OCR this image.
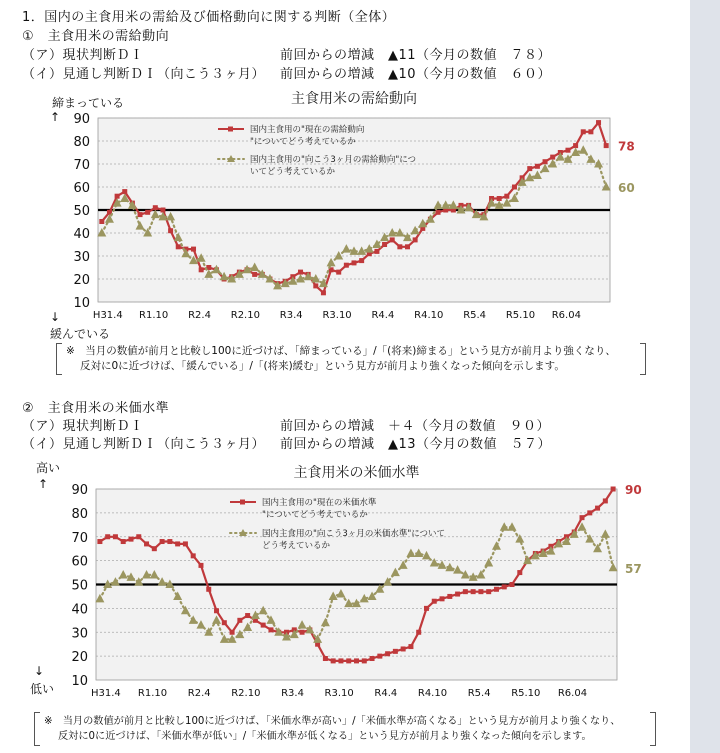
1．国内の主食用米の需給及び価格動向に関する判断（全体）
①　主食用米の需給動向
（ア）現状判断ＤＩ	前回からの増減　▲11（今月の数値　７８）
（イ）見通し判断ＤＩ（向こう３ヶ月） 前回からの増減　▲10（今月の数値　６０）
締まっている
↑
↓
緩んでいる
主食用米の需給動向
10
20
30
40
50
60
70
80
90
H31.4 R1.10 R2.4 R2.10 R3.4 R3.10 R4.4 R4.10 R5.4 R5.10 R6.04
78
60
国内主食用の"現在の需給動向
"についてどう考えているか
国内主食用の"向こう3ヶ月の需給動向"につ
いてどう考えているか
※　当月の数値が前月と比較し100に近づけば、「締まっている」/「(将来)締まる」という見方が前月より強くなり、
反対に0に近づけば、「緩んでいる」/「(将来)緩む」という見方が前月より強くなった傾向を示します。
②　主食用米の米価水準
（ア）現状判断ＤＩ	前回からの増減　＋４（今月の数値　９０）
（イ）見通し判断ＤＩ（向こう３ヶ月） 前回からの増減　▲13（今月の数値　５７）
高い
↑
↓
低い
主食用米の米価水準
10
20
30
40
50
60
70
80
90
H31.4 R1.10 R2.4 R2.10 R3.4 R3.10 R4.4 R4.10 R5.4 R5.10 R6.04
90
57
国内主食用の"現在の米価水準
"についてどう考えているか
国内主食用の"向こう3ヶ月の米価水準"について
どう考えているか
※　当月の数値が前月と比較し100に近づけば、「米価水準が高い」/「米価水準が高くなる」という見方が前月より強くなり、
反対に0に近づけば、「米価水準が低い」/「米価水準が低くなる」という見方が前月より強くなった傾向を示します。
